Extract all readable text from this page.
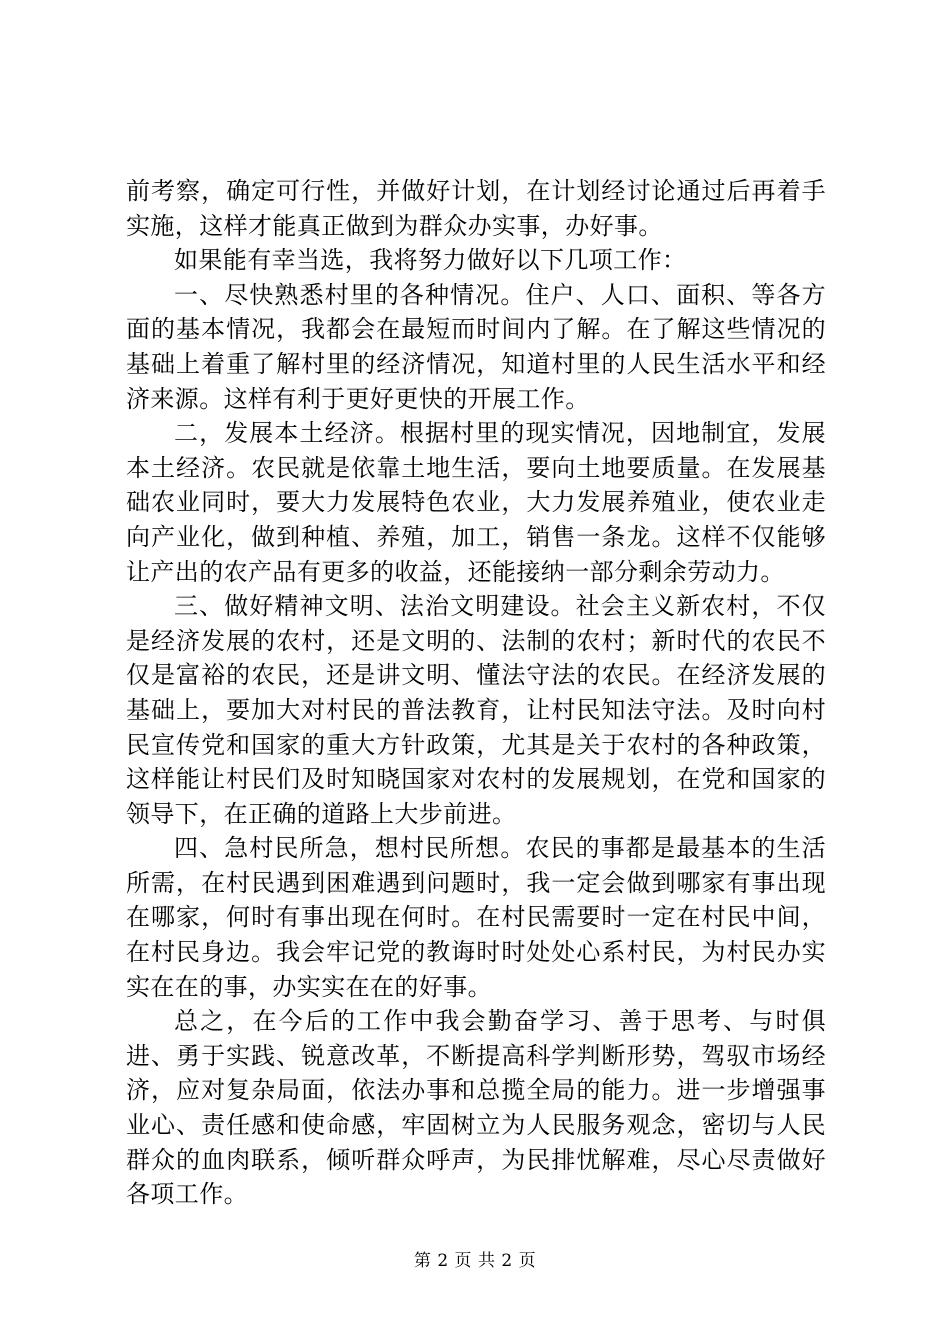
前考察，确定可行性，并做好计划，在计划经讨论通过后再着手实施，这样才能真正做到为群众办实事，办好事。

如果能有幸当选，我将努力做好以下几项工作：

一、尽快熟悉村里的各种情况。住户、人口、面积、等各方面的基本情况，我都会在最短而时间内了解。在了解这些情况的基础上着重了解村里的经济情况，知道村里的人民生活水平和经济来源。这样有利于更好更快的开展工作。

二，发展本土经济。根据村里的现实情况，因地制宜，发展本土经济。农民就是依靠土地生活，要向土地要质量。在发展基础农业同时，要大力发展特色农业，大力发展养殖业，使农业走向产业化，做到种植、养殖，加工，销售一条龙。这样不仅能够让产出的农产品有更多的收益，还能接纳一部分剩余劳动力。

三、做好精神文明、法治文明建设。社会主义新农村，不仅是经济发展的农村，还是文明的、法制的农村；新时代的农民不仅是富裕的农民，还是讲文明、懂法守法的农民。在经济发展的基础上，要加大对村民的普法教育，让村民知法守法。及时向村民宣传党和国家的重大方针政策，尤其是关于农村的各种政策，这样能让村民们及时知晓国家对农村的发展规划，在党和国家的领导下，在正确的道路上大步前进。

四、急村民所急，想村民所想。农民的事都是最基本的生活所需，在村民遇到困难遇到问题时，我一定会做到哪家有事出现在哪家，何时有事出现在何时。在村民需要时一定在村民中间，在村民身边。我会牢记党的教诲时时处处心系村民，为村民办实实在在的事，办实实在在的好事。

总之，在今后的工作中我会勤奋学习、善于思考、与时俱进、勇于实践、锐意改革，不断提高科学判断形势，驾驭市场经济，应对复杂局面，依法办事和总揽全局的能力。进一步增强事业心、责任感和使命感，牢固树立为人民服务观念，密切与人民群众的血肉联系，倾听群众呼声，为民排忧解难，尽心尽责做好各项工作。

第 2 页 共 2 页
